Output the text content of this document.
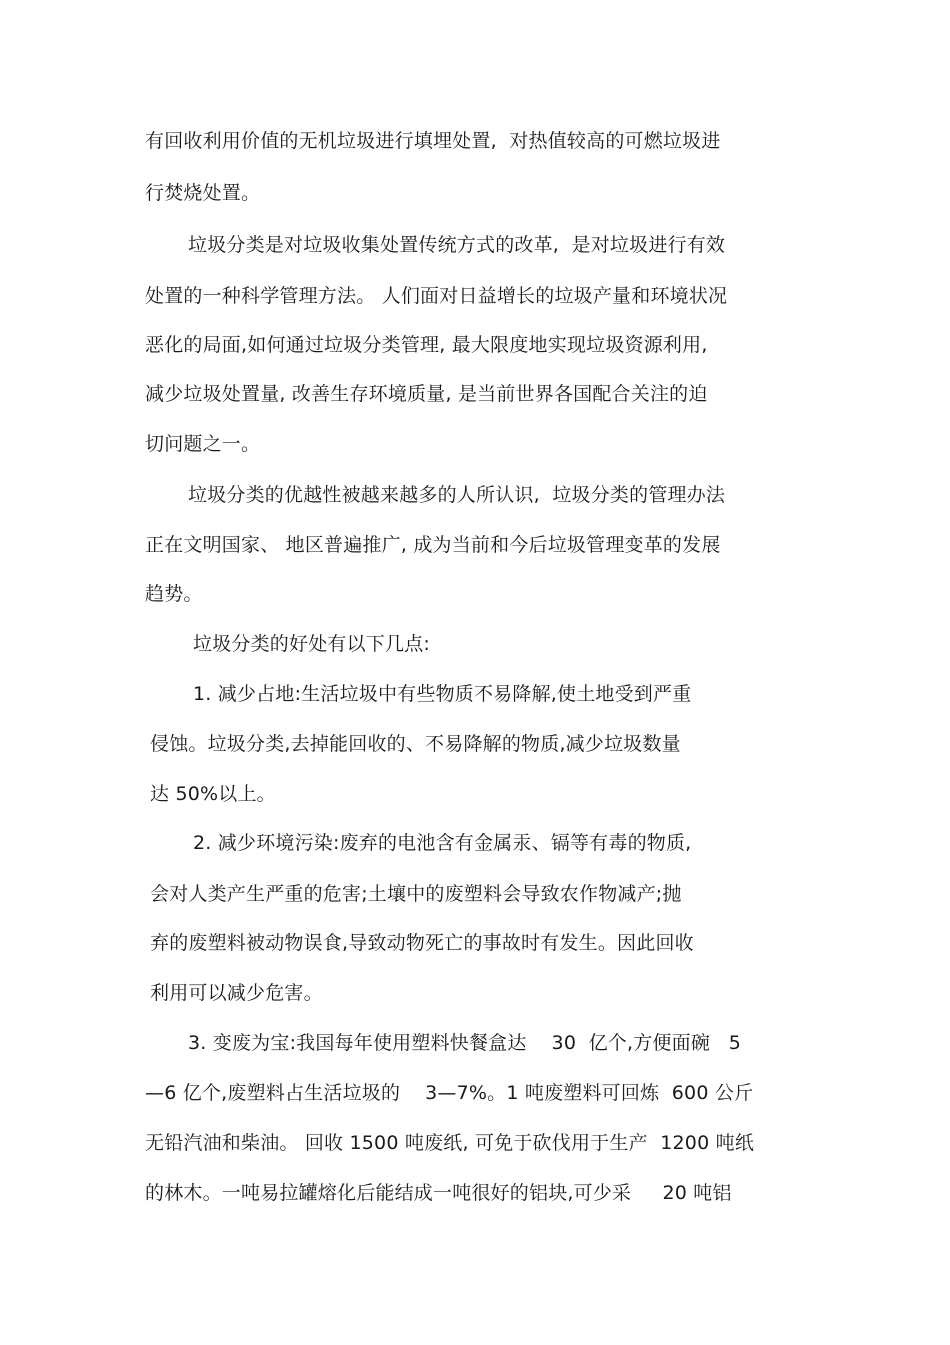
有回收利用价值的无机垃圾进行填埋处置,  对热值较高的可燃垃圾进
行焚烧处置。
垃圾分类是对垃圾收集处置传统方式的改革,  是对垃圾进行有效
处置的一种科学管理方法。 人们面对日益增长的垃圾产量和环境状况
恶化的局面,如何通过垃圾分类管理, 最大限度地实现垃圾资源利用,
减少垃圾处置量, 改善生存环境质量, 是当前世界各国配合关注的迫
切问题之一。
垃圾分类的优越性被越来越多的人所认识,  垃圾分类的管理办法
正在文明国家、 地区普遍推广, 成为当前和今后垃圾管理变革的发展
趋势。
垃圾分类的好处有以下几点:
1. 减少占地:生活垃圾中有些物质不易降解,使土地受到严重
侵蚀。垃圾分类,去掉能回收的、不易降解的物质,减少垃圾数量
达 50%以上。
2. 减少环境污染:废弃的电池含有金属汞、镉等有毒的物质,
会对人类产生严重的危害;土壤中的废塑料会导致农作物减产;抛
弃的废塑料被动物误食,导致动物死亡的事故时有发生。因此回收
利用可以减少危害。
3. 变废为宝:我国每年使用塑料快餐盒达    30  亿个,方便面碗   5
—6 亿个,废塑料占生活垃圾的    3—7%。1 吨废塑料可回炼  600 公斤
无铅汽油和柴油。 回收 1500 吨废纸, 可免于砍伐用于生产  1200 吨纸
的林木。一吨易拉罐熔化后能结成一吨很好的铝块,可少采     20 吨铝
